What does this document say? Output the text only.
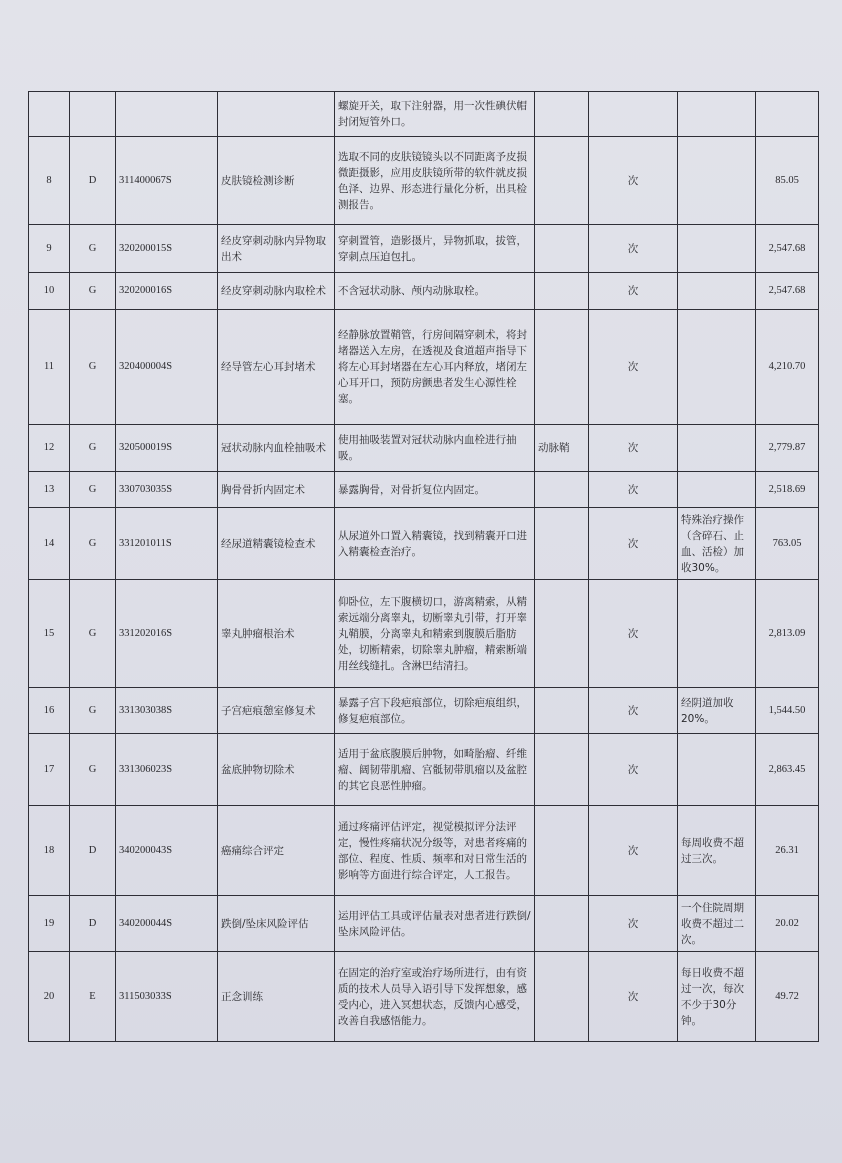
				螺旋开关，取下注射器，用一次性碘伏帽封闭短管外口。				
8	D	311400067S	皮肤镜检测诊断	选取不同的皮肤镜镜头以不同距离予皮损微距摄影，应用皮肤镜所带的软件就皮损色泽、边界、形态进行量化分析，出具检测报告。		次		85.05
9	G	320200015S	经皮穿刺动脉内异物取出术	穿刺置管，造影摄片，异物抓取，拔管，穿刺点压迫包扎。		次		2,547.68
10	G	320200016S	经皮穿刺动脉内取栓术	不含冠状动脉、颅内动脉取栓。		次		2,547.68
11	G	320400004S	经导管左心耳封堵术	经静脉放置鞘管，行房间隔穿刺术，将封堵器送入左房，在透视及食道超声指导下将左心耳封堵器在左心耳内释放，堵闭左心耳开口，预防房颤患者发生心源性栓塞。		次		4,210.70
12	G	320500019S	冠状动脉内血栓抽吸术	使用抽吸装置对冠状动脉内血栓进行抽吸。	动脉鞘	次		2,779.87
13	G	330703035S	胸骨骨折内固定术	暴露胸骨，对骨折复位内固定。		次		2,518.69
14	G	331201011S	经尿道精囊镜检查术	从尿道外口置入精囊镜，找到精囊开口进入精囊检查治疗。		次	特殊治疗操作（含碎石、止血、活检）加收30%。	763.05
15	G	331202016S	睾丸肿瘤根治术	仰卧位，左下腹横切口，游离精索，从精索远端分离睾丸，切断睾丸引带，打开睾丸鞘膜，分离睾丸和精索到腹膜后脂肪处，切断精索，切除睾丸肿瘤，精索断端用丝线缝扎。含淋巴结清扫。		次		2,813.09
16	G	331303038S	子宫疤痕憩室修复术	暴露子宫下段疤痕部位，切除疤痕组织，修复疤痕部位。		次	经阴道加收20%。	1,544.50
17	G	331306023S	盆底肿物切除术	适用于盆底腹膜后肿物，如畸胎瘤、纤维瘤、阔韧带肌瘤、宫骶韧带肌瘤以及盆腔的其它良恶性肿瘤。		次		2,863.45
18	D	340200043S	癌痛综合评定	通过疼痛评估评定，视觉模拟评分法评定，慢性疼痛状况分级等，对患者疼痛的部位、程度、性质、频率和对日常生活的影响等方面进行综合评定，人工报告。		次	每周收费不超过三次。	26.31
19	D	340200044S	跌倒/坠床风险评估	运用评估工具或评估量表对患者进行跌倒/坠床风险评估。		次	一个住院周期收费不超过二次。	20.02
20	E	311503033S	正念训练	在固定的治疗室或治疗场所进行，由有资质的技术人员导入语引导下发挥想象，感受内心，进入冥想状态，反馈内心感受，改善自我感悟能力。		次	每日收费不超过一次，每次不少于30分钟。	49.72
